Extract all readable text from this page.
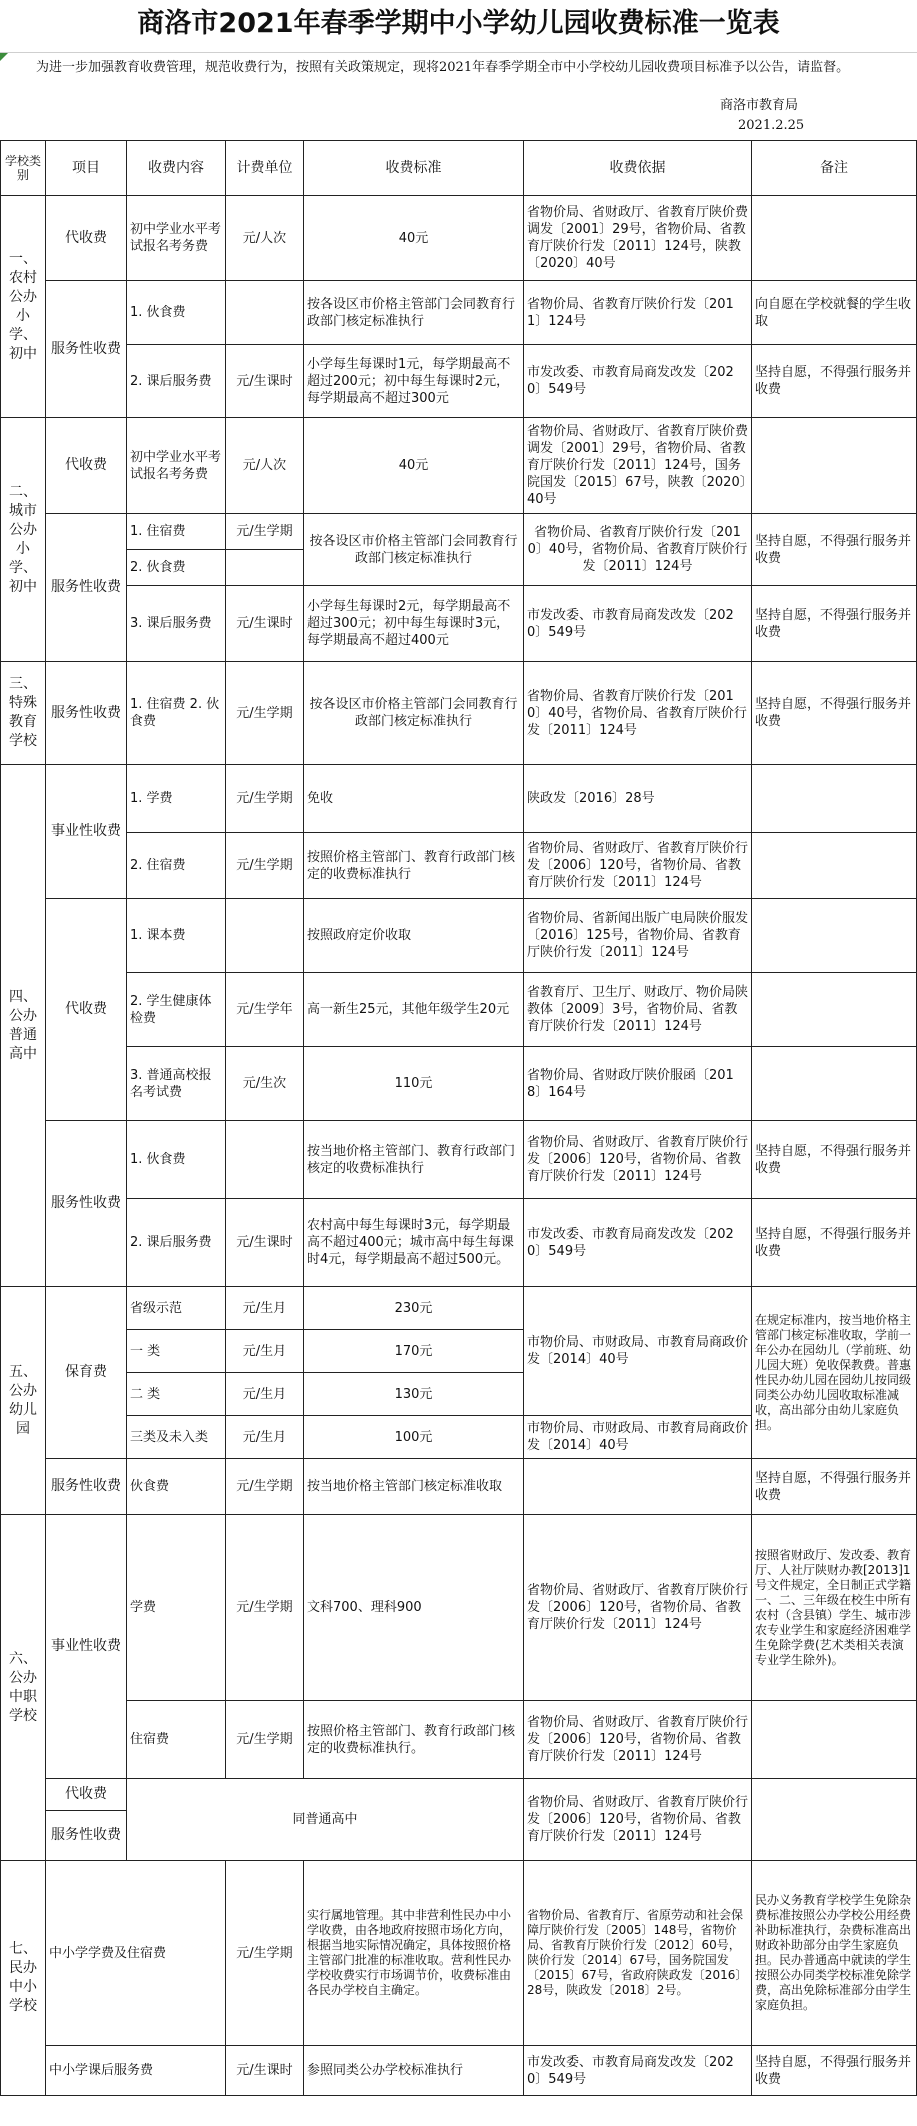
商洛市2021年春季学期中小学幼儿园收费标准一览表
为进一步加强教育收费管理，规范收费行为，按照有关政策规定，现将2021年春季学期全市中小学校幼儿园收费项目标准予以公告，请监督。
商洛市教育局
2021.2.25
学校类别	项目	收费内容	计费单位	收费标准	收费依据	备注
一、农村公办小学、初中	代收费	初中学业水平考试报名考务费	元/人次	40元	省物价局、省财政厅、省教育厅陕价费调发〔2001〕29号，省物价局、省教育厅陕价行发〔2011〕124号，陕教〔2020〕40号	
	服务性收费	1. 伙食费		按各设区市价格主管部门会同教育行政部门核定标准执行	省物价局、省教育厅陕价行发〔2011〕124号	向自愿在学校就餐的学生收取
		2. 课后服务费	元/生课时	小学每生每课时1元，每学期最高不超过200元；初中每生每课时2元，每学期最高不超过300元	市发改委、市教育局商发改发〔2020〕549号	坚持自愿，不得强行服务并收费
二、城市公办小学、初中	代收费	初中学业水平考试报名考务费	元/人次	40元	省物价局、省财政厅、省教育厅陕价费调发〔2001〕29号，省物价局、省教育厅陕价行发〔2011〕124号，国务院国发〔2015〕67号，陕教〔2020〕40号	
	服务性收费	1. 住宿费	元/生学期	按各设区市价格主管部门会同教育行政部门核定标准执行	省物价局、省教育厅陕价行发〔2010〕40号，省物价局、省教育厅陕价行发〔2011〕124号	坚持自愿，不得强行服务并收费
		2. 伙食费				
		3. 课后服务费	元/生课时	小学每生每课时2元，每学期最高不超过300元；初中每生每课时3元，每学期最高不超过400元	市发改委、市教育局商发改发〔2020〕549号	坚持自愿，不得强行服务并收费
三、特殊教育学校	服务性收费	1. 住宿费 2. 伙食费	元/生学期	按各设区市价格主管部门会同教育行政部门核定标准执行	省物价局、省教育厅陕价行发〔2010〕40号，省物价局、省教育厅陕价行发〔2011〕124号	坚持自愿，不得强行服务并收费
四、公办普通高中	事业性收费	1. 学费	元/生学期	免收	陕政发〔2016〕28号	
		2. 住宿费	元/生学期	按照价格主管部门、教育行政部门核定的收费标准执行	省物价局、省财政厅、省教育厅陕价行发〔2006〕120号，省物价局、省教育厅陕价行发〔2011〕124号	
	代收费	1. 课本费		按照政府定价收取	省物价局、省新闻出版广电局陕价服发〔2016〕125号，省物价局、省教育厅陕价行发〔2011〕124号	
		2. 学生健康体检费	元/生学年	高一新生25元，其他年级学生20元	省教育厅、卫生厅、财政厅、物价局陕教体〔2009〕3号，省物价局、省教育厅陕价行发〔2011〕124号	
		3. 普通高校报名考试费	元/生次	110元	省物价局、省财政厅陕价服函〔2018〕164号	
	服务性收费	1. 伙食费		按当地价格主管部门、教育行政部门核定的收费标准执行	省物价局、省财政厅、省教育厅陕价行发〔2006〕120号，省物价局、省教育厅陕价行发〔2011〕124号	坚持自愿，不得强行服务并收费
		2. 课后服务费	元/生课时	农村高中每生每课时3元，每学期最高不超过400元；城市高中每生每课时4元，每学期最高不超过500元。	市发改委、市教育局商发改发〔2020〕549号	坚持自愿，不得强行服务并收费
五、公办幼儿园	保育费	省级示范	元/生月	230元	市物价局、市财政局、市教育局商政价发〔2014〕40号	在规定标准内，按当地价格主管部门核定标准收取，学前一年公办在园幼儿（学前班、幼儿园大班）免收保教费。普惠性民办幼儿园在园幼儿按同级同类公办幼儿园收取标准减收，高出部分由幼儿家庭负担。
		一 类	元/生月	170元		
		二 类	元/生月	130元		
		三类及未入类	元/生月	100元	市物价局、市财政局、市教育局商政价发〔2014〕40号	
	服务性收费	伙食费	元/生学期	按当地价格主管部门核定标准收取		坚持自愿，不得强行服务并收费
六、公办中职学校	事业性收费	学费	元/生学期	文科700、理科900	省物价局、省财政厅、省教育厅陕价行发〔2006〕120号，省物价局、省教育厅陕价行发〔2011〕124号	按照省财政厅、发改委、教育厅、人社厅陕财办教[2013]1号文件规定，全日制正式学籍一、二、三年级在校生中所有农村（含县镇）学生、城市涉农专业学生和家庭经济困难学生免除学费(艺术类相关表演专业学生除外)。
		住宿费	元/生学期	按照价格主管部门、教育行政部门核定的收费标准执行。	省物价局、省财政厅、省教育厅陕价行发〔2006〕120号，省物价局、省教育厅陕价行发〔2011〕124号	
	代收费	同普通高中			省物价局、省财政厅、省教育厅陕价行发〔2006〕120号，省物价局、省教育厅陕价行发〔2011〕124号	
	服务性收费					
七、民办中小学校	中小学学费及住宿费		元/生学期	实行属地管理。其中非营利性民办中小学收费，由各地政府按照市场化方向，根据当地实际情况确定，具体按照价格主管部门批准的标准收取。营利性民办学校收费实行市场调节价，收费标准由各民办学校自主确定。	省物价局、省教育厅、省原劳动和社会保障厅陕价行发〔2005〕148号，省物价局、省教育厅陕价行发〔2012〕60号，陕价行发〔2014〕67号，国务院国发〔2015〕67号，省政府陕政发〔2016〕28号，陕政发〔2018〕2号。	民办义务教育学校学生免除杂费标准按照公办学校公用经费补助标准执行，杂费标准高出财政补助部分由学生家庭负担。民办普通高中就读的学生按照公办同类学校标准免除学费，高出免除标准部分由学生家庭负担。
	中小学课后服务费		元/生课时	参照同类公办学校标准执行	市发改委、市教育局商发改发〔2020〕549号	坚持自愿，不得强行服务并收费
